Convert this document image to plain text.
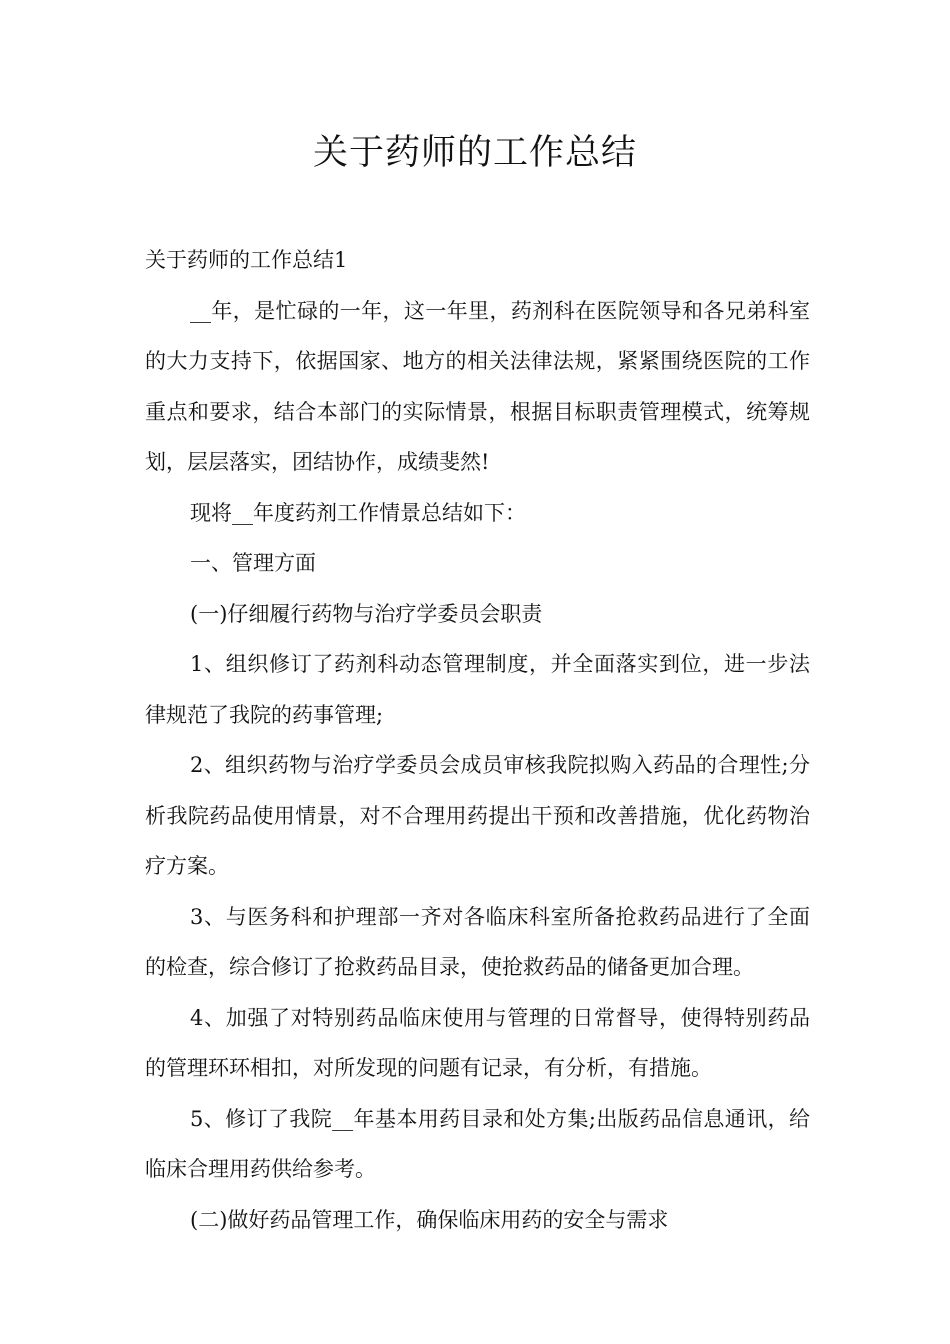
关于药师的工作总结

关于药师的工作总结1

__年，是忙碌的一年，这一年里，药剂科在医院领导和各兄弟科室的大力支持下，依据国家、地方的相关法律法规，紧紧围绕医院的工作重点和要求，结合本部门的实际情景，根据目标职责管理模式，统筹规划，层层落实，团结协作，成绩斐然!

现将__年度药剂工作情景总结如下：

一、管理方面

(一)仔细履行药物与治疗学委员会职责

1、组织修订了药剂科动态管理制度，并全面落实到位，进一步法律规范了我院的药事管理;

2、组织药物与治疗学委员会成员审核我院拟购入药品的合理性;分析我院药品使用情景，对不合理用药提出干预和改善措施，优化药物治疗方案。

3、与医务科和护理部一齐对各临床科室所备抢救药品进行了全面的检查，综合修订了抢救药品目录，使抢救药品的储备更加合理。

4、加强了对特别药品临床使用与管理的日常督导，使得特别药品的管理环环相扣，对所发现的问题有记录，有分析，有措施。

5、修订了我院__年基本用药目录和处方集;出版药品信息通讯，给临床合理用药供给参考。

(二)做好药品管理工作，确保临床用药的安全与需求
